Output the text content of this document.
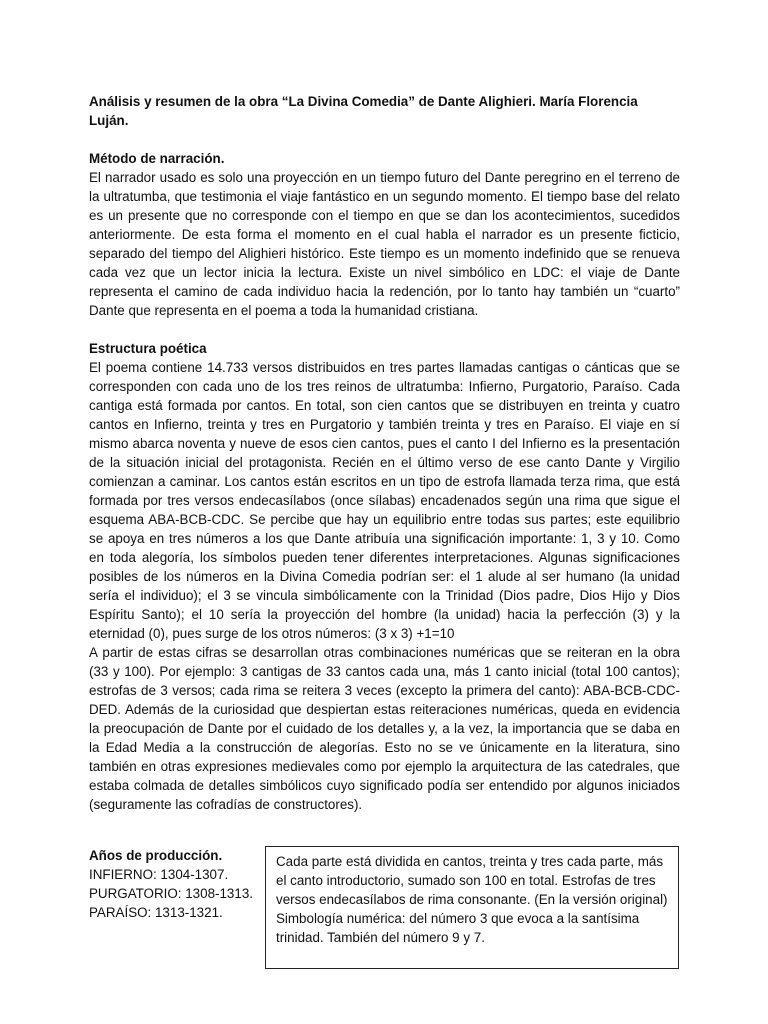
Análisis y resumen de la obra “La Divina Comedia” de Dante Alighieri. María Florencia Luján.

Método de narración.

El narrador usado es solo una proyección en un tiempo futuro del Dante peregrino en el terreno de la ultratumba, que testimonia el viaje fantástico en un segundo momento. El tiempo base del relato es un presente que no corresponde con el tiempo en que se dan los acontecimientos, sucedidos anteriormente. De esta forma el momento en el cual habla el narrador es un presente ficticio, separado del tiempo del Alighieri histórico. Este tiempo es un momento indefinido que se renueva cada vez que un lector inicia la lectura. Existe un nivel simbólico en LDC: el viaje de Dante representa el camino de cada individuo hacia la redención, por lo tanto hay también un “cuarto” Dante que representa en el poema a toda la humanidad cristiana.

Estructura poética

El poema contiene 14.733 versos distribuidos en tres partes llamadas cantigas o cánticas que se corresponden con cada uno de los tres reinos de ultratumba: Infierno, Purgatorio, Paraíso. Cada cantiga está formada por cantos. En total, son cien cantos que se distribuyen en treinta y cuatro cantos en Infierno, treinta y tres en Purgatorio y también treinta y tres en Paraíso. El viaje en sí mismo abarca noventa y nueve de esos cien cantos, pues el canto I del Infierno es la presentación de la situación inicial del protagonista. Recién en el último verso de ese canto Dante y Virgilio comienzan a caminar. Los cantos están escritos en un tipo de estrofa llamada terza rima, que está formada por tres versos endecasílabos (once sílabas) encadenados según una rima que sigue el esquema ABA-BCB-CDC. Se percibe que hay un equilibrio entre todas sus partes; este equilibrio se apoya en tres números a los que Dante atribuía una significación importante: 1, 3 y 10. Como en toda alegoría, los símbolos pueden tener diferentes interpretaciones. Algunas significaciones posibles de los números en la Divina Comedia podrían ser: el 1 alude al ser humano (la unidad sería el individuo); el 3 se vincula simbólicamente con la Trinidad (Dios padre, Dios Hijo y Dios Espíritu Santo); el 10 sería la proyección del hombre (la unidad) hacia la perfección (3) y la eternidad (0), pues surge de los otros números: (3 x 3) +1=10

A partir de estas cifras se desarrollan otras combinaciones numéricas que se reiteran en la obra (33 y 100). Por ejemplo: 3 cantigas de 33 cantos cada una, más 1 canto inicial (total 100 cantos); estrofas de 3 versos; cada rima se reitera 3 veces (excepto la primera del canto): ABA-BCB-CDC-DED. Además de la curiosidad que despiertan estas reiteraciones numéricas, queda en evidencia la preocupación de Dante por el cuidado de los detalles y, a la vez, la importancia que se daba en la Edad Media a la construcción de alegorías. Esto no se ve únicamente en la literatura, sino también en otras expresiones medievales como por ejemplo la arquitectura de las catedrales, que estaba colmada de detalles simbólicos cuyo significado podía ser entendido por algunos iniciados (seguramente las cofradías de constructores).

Años de producción.

INFIERNO: 1304-1307.

PURGATORIO: 1308-1313.

PARAÍSO: 1313-1321.

Cada parte está dividida en cantos, treinta y tres cada parte, más el canto introductorio, sumado son 100 en total. Estrofas de tres versos endecasílabos de rima consonante. (En la versión original)

Simbología numérica: del número 3 que evoca a la santísima trinidad. También del número 9 y 7.
